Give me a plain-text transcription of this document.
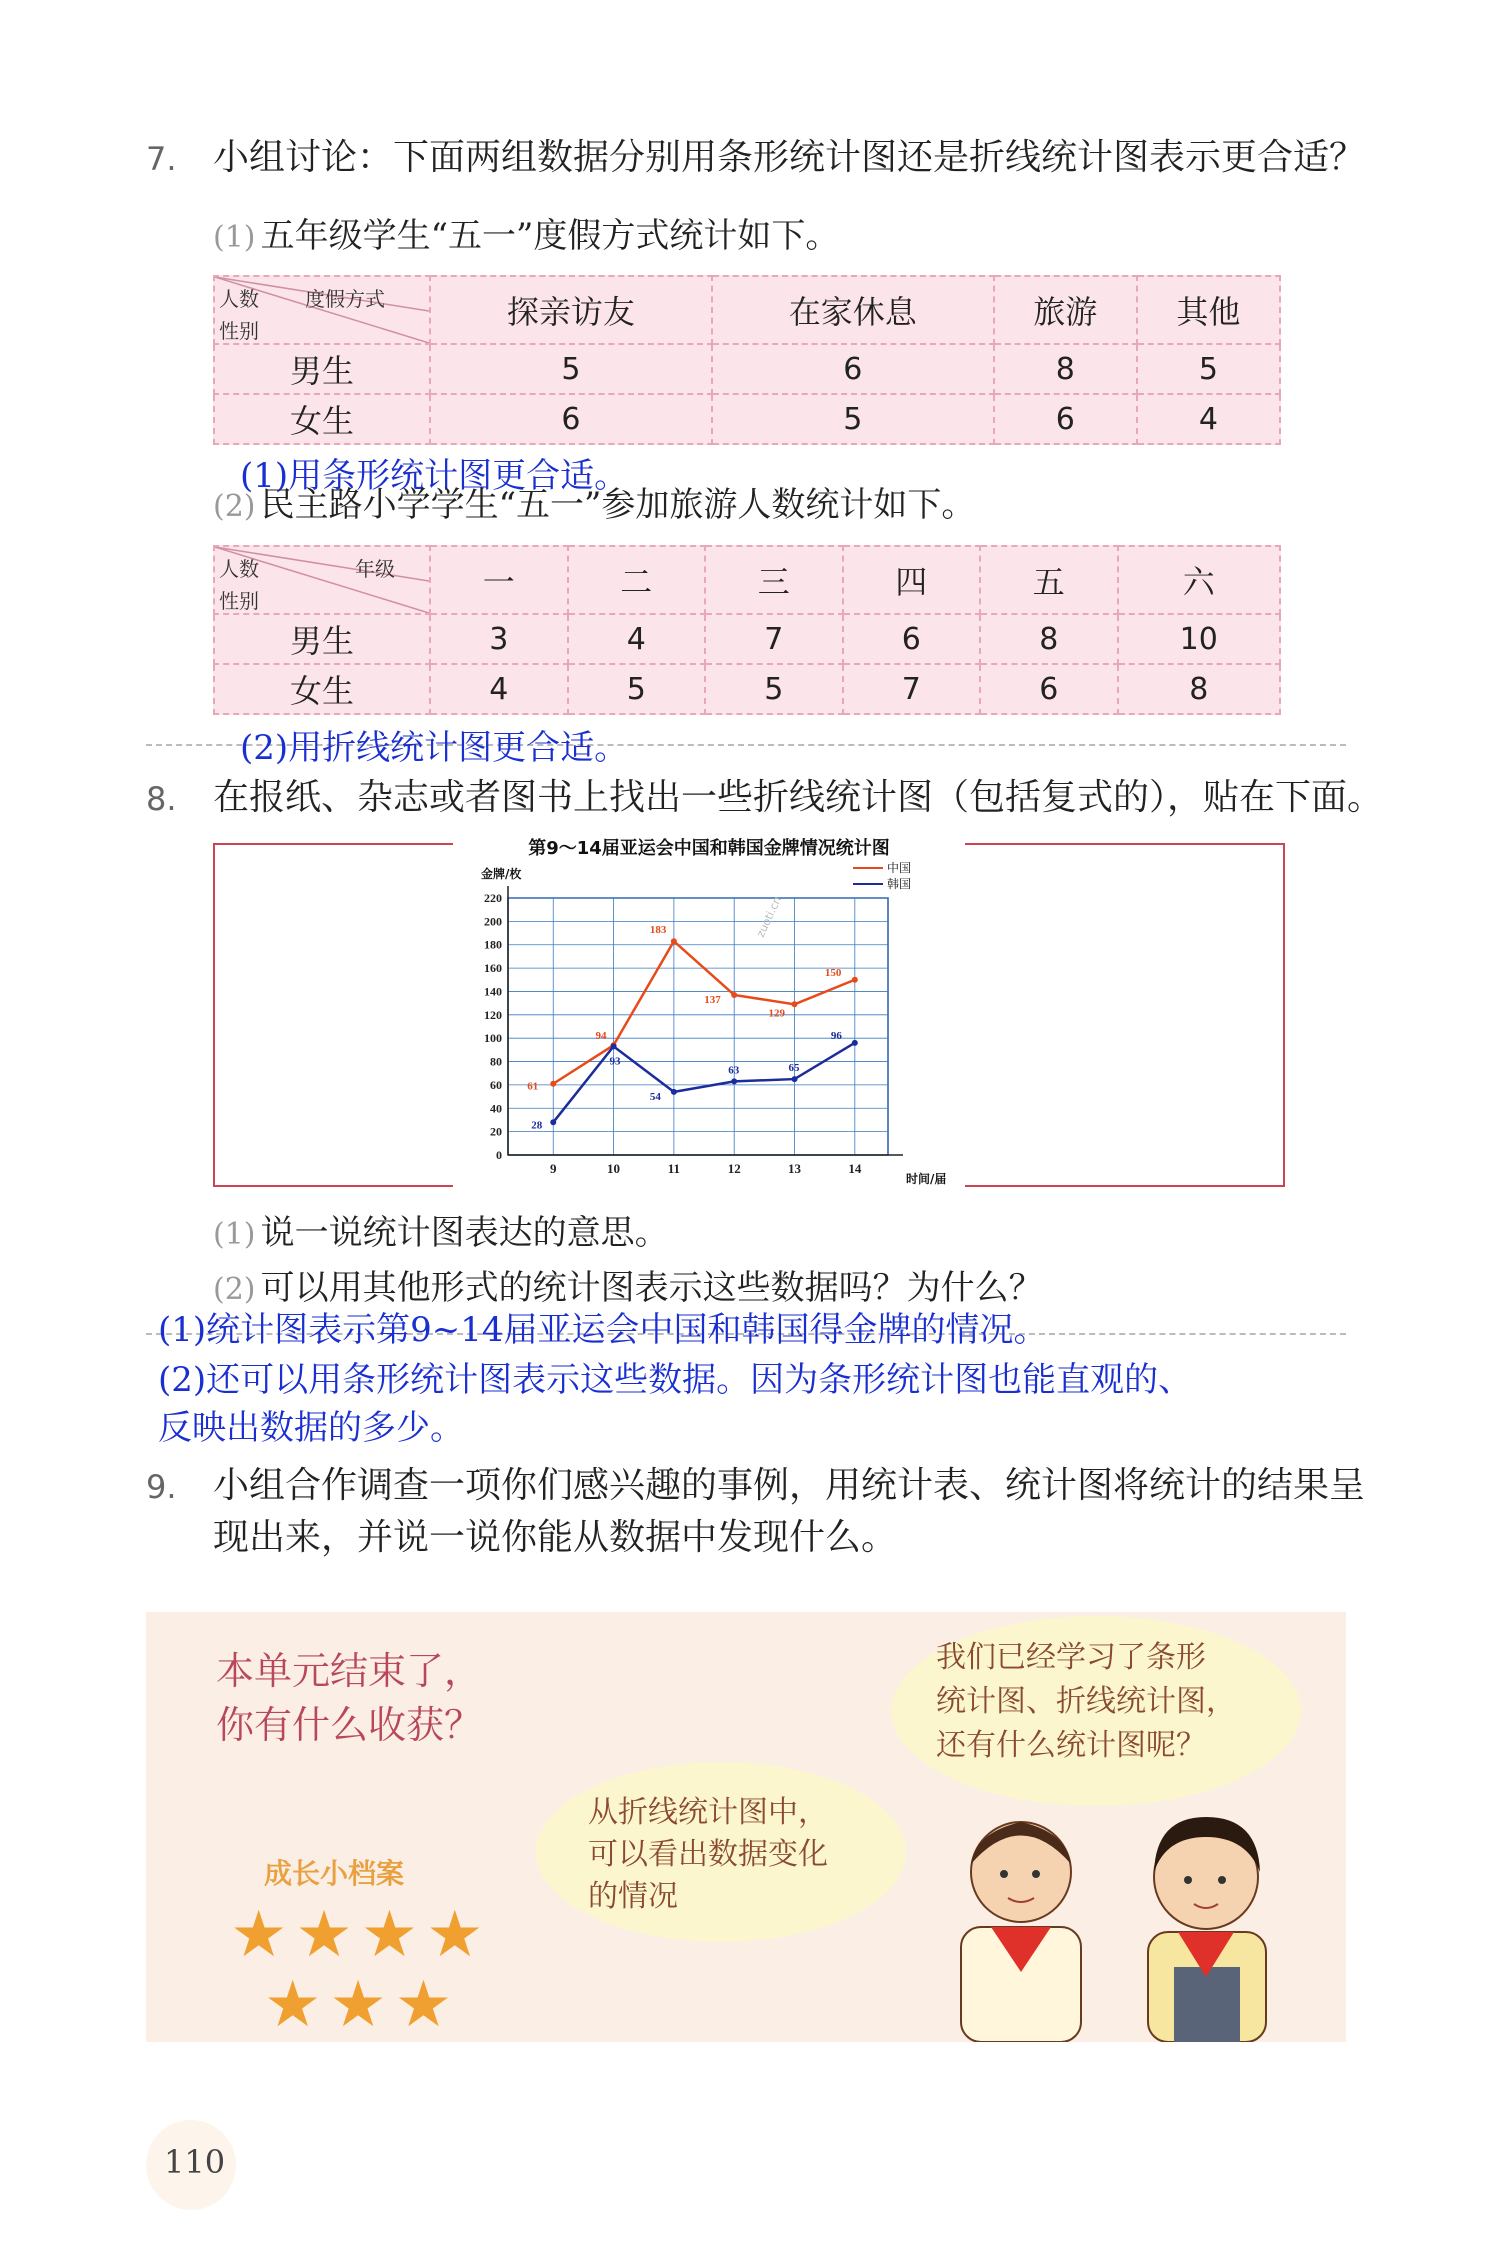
7. 小组讨论：下面两组数据分别用条形统计图还是折线统计图表示更合适？
(1) 五年级学生“五一”度假方式统计如下。
度假方式
人数
性别	探亲访友	在家休息	旅游	其他
男生	5	6	8	5
女生	6	5	6	4
(1)用条形统计图更合适。
(2) 民主路小学学生“五一”参加旅游人数统计如下。
年级
人数
性别	一	二	三	四	五	六
男生	3	4	7	6	8	10
女生	4	5	5	7	6	8
(2)用折线统计图更合适。
8. 在报纸、杂志或者图书上找出一些折线统计图（包括复式的），贴在下面。
0
20
40
60
80
100
120
140
160
180
200
220
9	10	11	12	13	14
第9～14届亚运会中国和韩国金牌情况统计图
金牌/枚
时间/届
zuoti.cn
中国
韩国
61
94
183
137
129
150
28
93
54
63	65
96
(1) 说一说统计图表达的意思。
(2) 可以用其他形式的统计图表示这些数据吗？为什么？
(1)统计图表示第9~14届亚运会中国和韩国得金牌的情况。
(2)还可以用条形统计图表示这些数据。因为条形统计图也能直观的、
反映出数据的多少。
9. 小组合作调查一项你们感兴趣的事例，用统计表、统计图将统计的结果呈
现出来，并说一说你能从数据中发现什么。
本单元结束了，
你有什么收获？
我们已经学习了条形
统计图、折线统计图，
还有什么统计图呢？
从折线统计图中，
可以看出数据变化
的情况
成长小档案
★★★★
★★★
110
